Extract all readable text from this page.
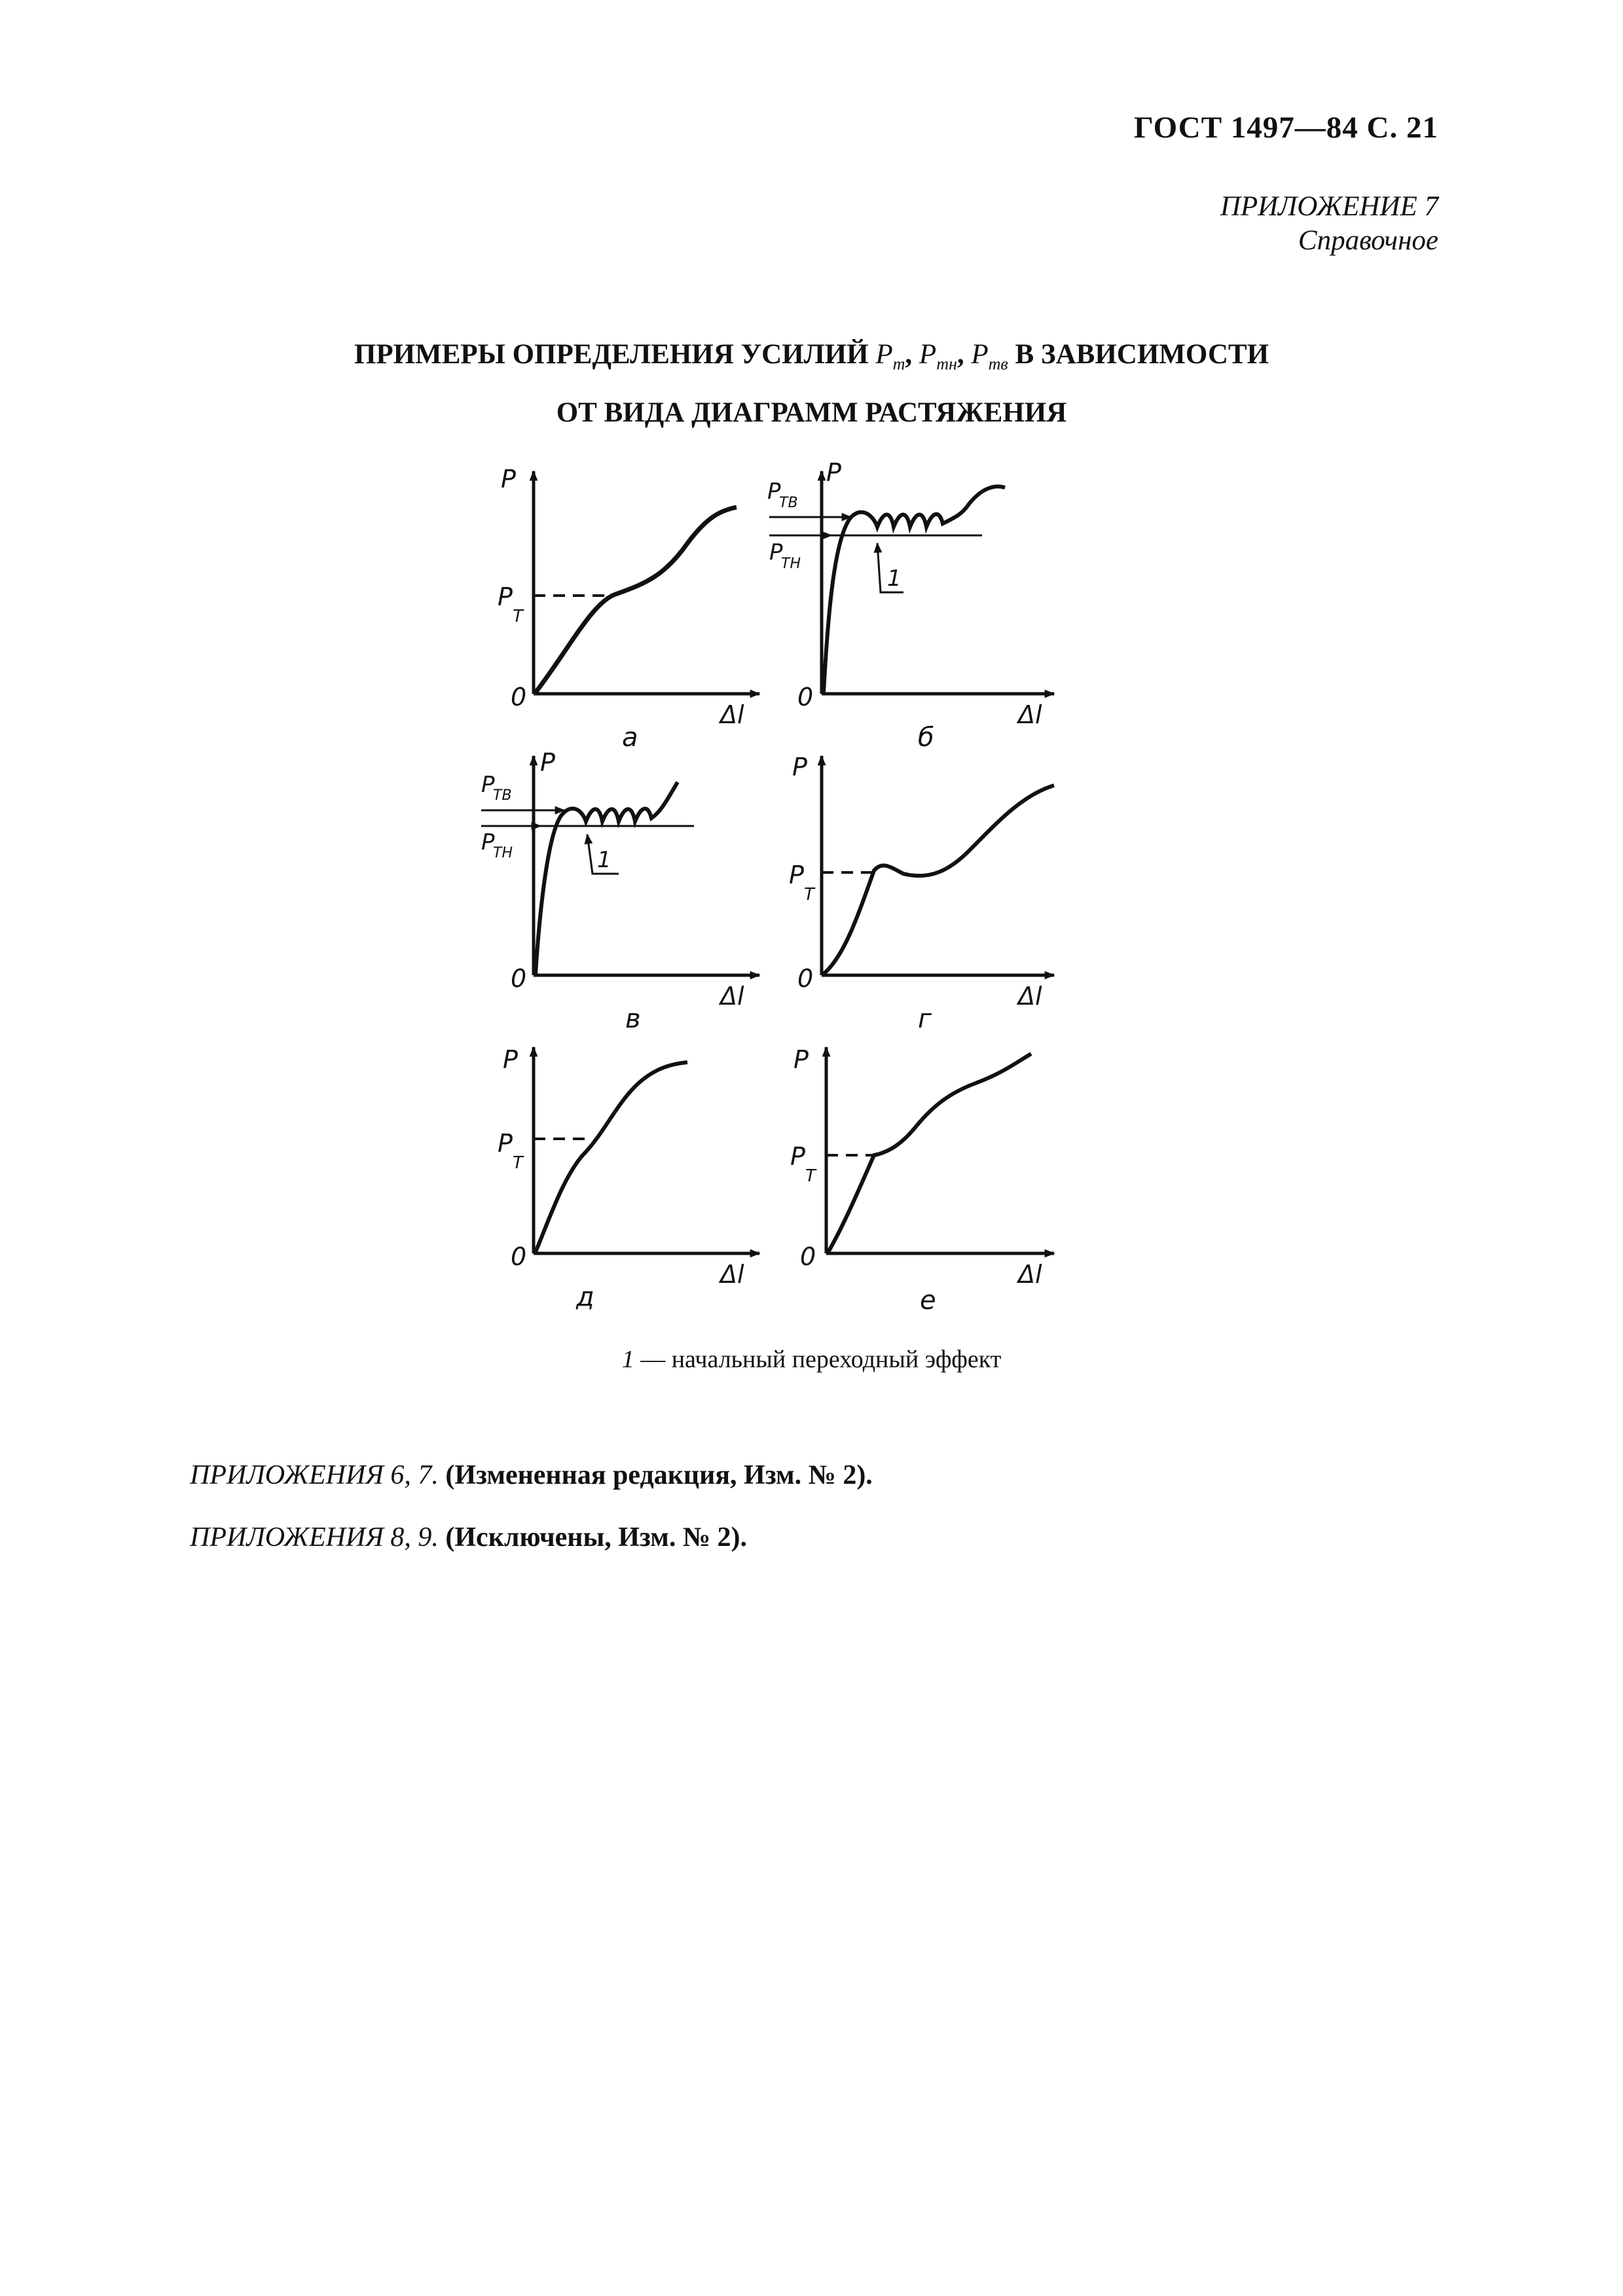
ГОСТ 1497—84 С. 21
ПРИЛОЖЕНИЕ 7
Справочное
ПРИМЕРЫ ОПРЕДЕЛЕНИЯ УСИЛИЙ $P_т$, $P_{тн}$, $P_{тв}$ В ЗАВИСИМОСТИ
ОТ ВИДА ДИАГРАММ РАСТЯЖЕНИЯ
P
0
Δl
P
T
а
1
P
P
TB
P
TH
0
Δl
б
1
P
P
TB
P
TH
0
Δl
в
P
P
T
0
Δl
г
P
P
T
0
Δl
д
P
P
T
0
Δl
е
1 — начальный переходный эффект
ПРИЛОЖЕНИЯ 6, 7. (Измененная редакция, Изм. № 2).
ПРИЛОЖЕНИЯ 8, 9. (Исключены, Изм. № 2).
